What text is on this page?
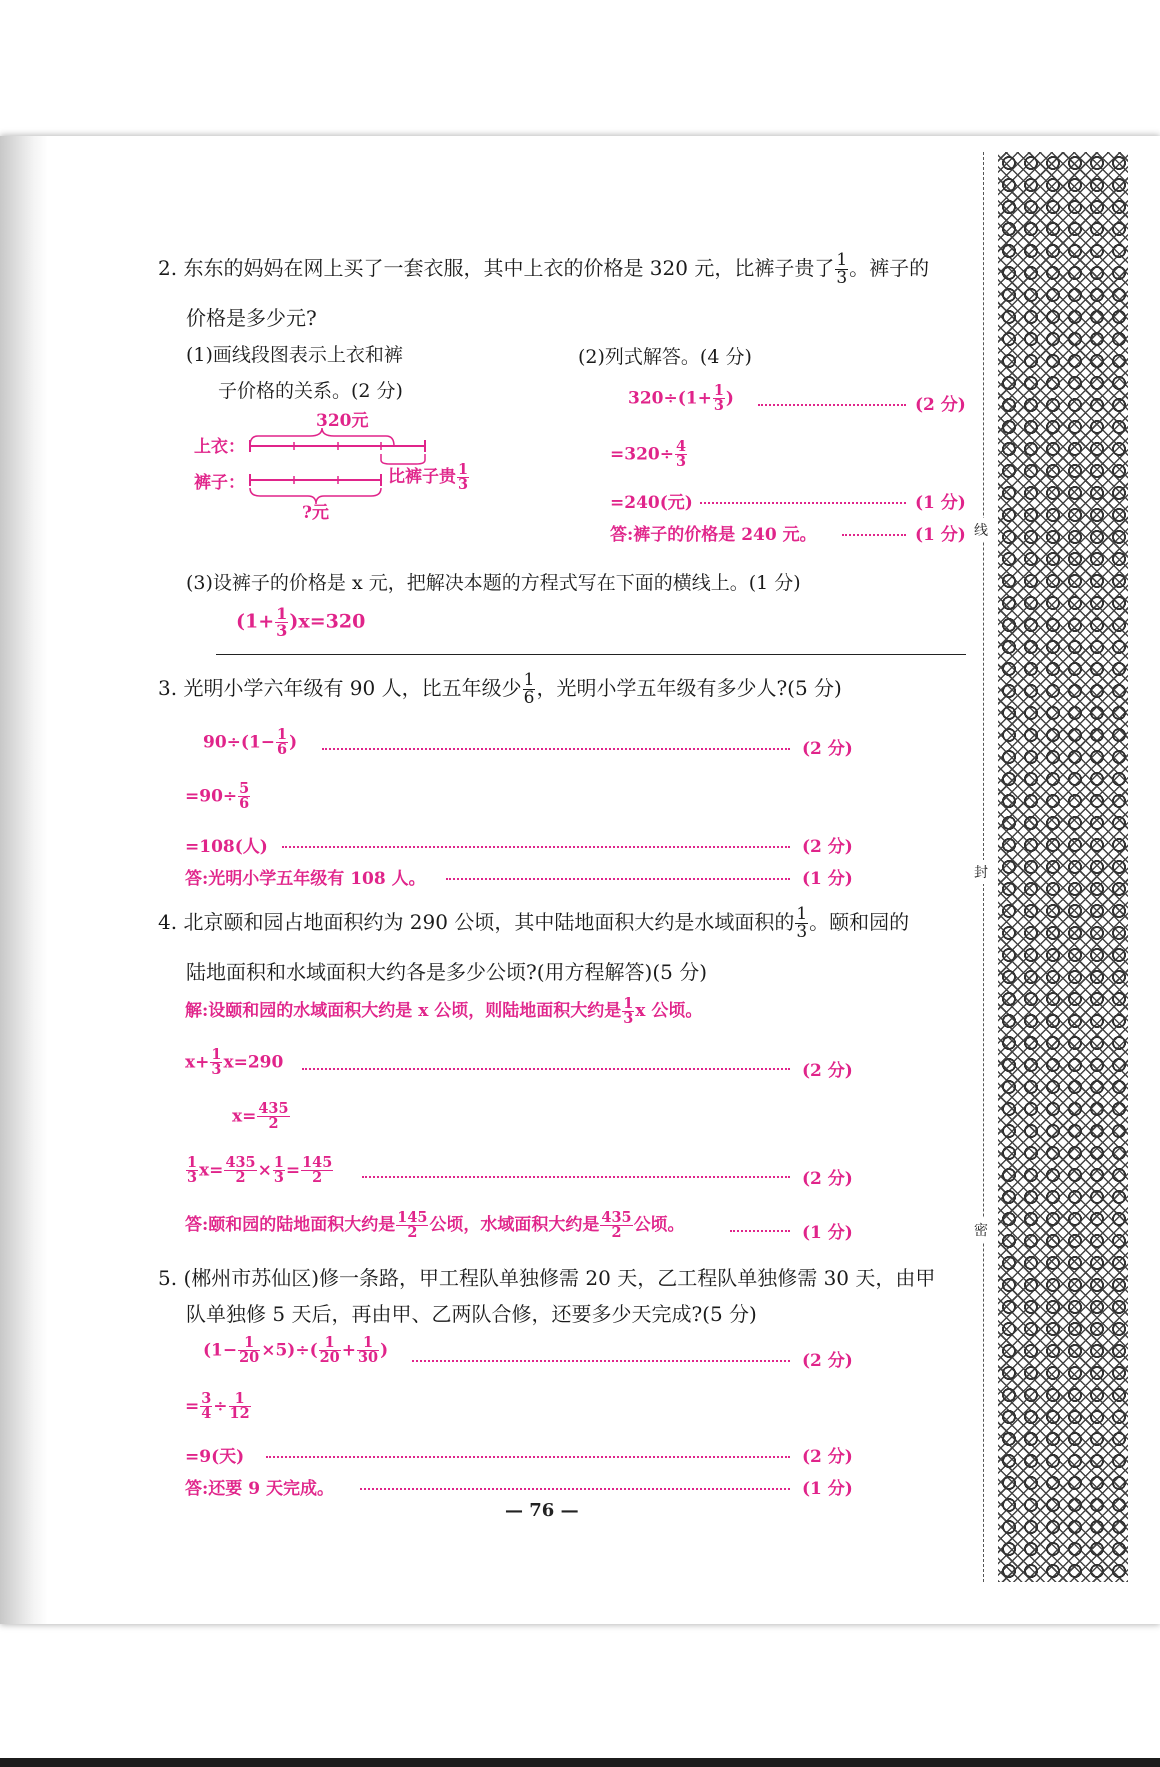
线
封
密
2. 东东的妈妈在网上买了一套衣服，其中上衣的价格是 320 元，比裤子贵了 $\frac{1}{3}$ 。裤子的
价格是多少元?
(1)画线段图表示上衣和裤
子价格的关系。(2 分)
(2)列式解答。(4 分)
320元
上衣：
裤子：	比裤子贵 $\frac{1}{3}$
?元
$320\div(1+ \frac{1}{3}$ )	(2 分)
$=320\div \frac{4}{3}$
=240(元)	(1 分)
答:裤子的价格是 240 元。	(1 分)
(3)设裤子的价格是 x 元，把解决本题的方程式写在下面的横线上。(1 分)
$(1+ \frac{1}{3} )x=320$
3. 光明小学六年级有 90 人，比五年级少 $\frac{1}{6}$ ，光明小学五年级有多少人?(5 分)
$90\div(1- \frac{1}{6}$ )	(2 分)
$=90\div \frac{5}{6}$
=108(人)	(2 分)
答:光明小学五年级有 108 人。	(1 分)
4. 北京颐和园占地面积约为 290 公顷，其中陆地面积大约是水域面积的 $\frac{1}{3}$ 。颐和园的
陆地面积和水域面积大约各是多少公顷?(用方程解答)(5 分)
解:设颐和园的水域面积大约是 x 公顷，则陆地面积大约是 $\frac{1}{3}$ x 公顷。
$x+ \frac{1}{3} x=290$	(2 分)
$x= \frac{435}{2}$
$\frac{1}{3} x= \frac{435}{2} \times \frac{1}{3} = \frac{145}{2}$	(2 分)
答:颐和园的陆地面积大约是 $\frac{145}{2}$ 公顷，水域面积大约是 $\frac{435}{2}$ 公顷。	(1 分)
5. (郴州市苏仙区)修一条路，甲工程队单独修需 20 天，乙工程队单独修需 30 天，由甲
队单独修 5 天后，再由甲、乙两队合修，还要多少天完成?(5 分)
$(1- \frac{1}{20} \times 5)\div( \frac{1}{20} + \frac{1}{30}$ )
(2 分)
= $\frac{3}{4} \div \frac{1}{12}$
=9(天)	(2 分)
答:还要 9 天完成。	(1 分)
— 76 —
